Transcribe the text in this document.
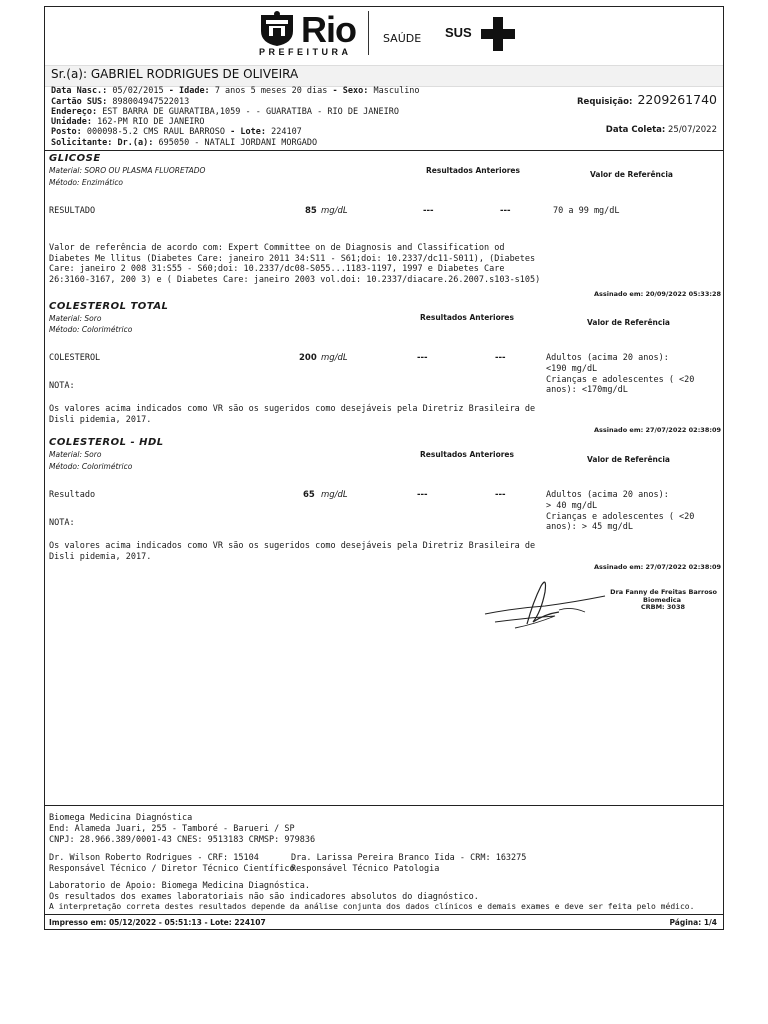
Rio
PREFEITURA
SAÚDE SUS
Sr.(a): GABRIEL RODRIGUES DE OLIVEIRA
Data Nasc.: 05/02/2015 - Idade: 7 anos 5 meses 20 dias - Sexo: Masculino
Cartão SUS: 898004947522013
Endereço: EST BARRA DE GUARATIBA,1059 - - GUARATIBA - RIO DE JANEIRO
Unidade: 162-PM RIO DE JANEIRO
Posto: 000098-5.2 CMS RAUL BARROSO - Lote: 224107
Solicitante: Dr.(a): 695050 - NATALI JORDANI MORGADO
Requisição: 2209261740
Data Coleta: 25/07/2022
GLICOSE
Material: SORO OU PLASMA FLUORETADO
Método: Enzimático
Resultados Anteriores	Valor de Referência
RESULTADO	85 mg/dL	---	---	70 a 99 mg/dL
Valor de referência de acordo com: Expert Committee on de Diagnosis and Classification od Diabetes Me llitus (Diabetes Care: janeiro 2011 34:S11 - S61;doi: 10.2337/dc11-S011), (Diabetes Care: janeiro 2 008 31:S55 - S60;doi: 10.2337/dc08-S055...1183-1197, 1997 e Diabetes Care 26:3160-3167, 200 3) e ( Diabetes Care: janeiro 2003 vol.doi: 10.2337/diacare.26.2007.s103-s105)
Assinado em: 20/09/2022 05:33:28
COLESTEROL TOTAL
Material: Soro
Método: Colorimétrico
Resultados Anteriores
Valor de Referência
COLESTEROL	200 mg/dL	---	---	Adultos (acima 20 anos):
<190 mg/dL
Crianças e adolescentes ( <20
anos): <170mg/dL
NOTA:
Os valores acima indicados como VR são os sugeridos como desejáveis pela Diretriz Brasileira de Disli pidemia, 2017.
Assinado em: 27/07/2022 02:38:09
COLESTEROL - HDL
Material: Soro
Método: Colorimétrico
Resultados Anteriores
Valor de Referência
Resultado	65 mg/dL	---	---	Adultos (acima 20 anos):
> 40 mg/dL
Crianças e adolescentes ( <20
anos): > 45 mg/dL
NOTA:
Os valores acima indicados como VR são os sugeridos como desejáveis pela Diretriz Brasileira de Disli pidemia, 2017.
Assinado em: 27/07/2022 02:38:09
Dra Fanny de Freitas Barroso
Biomedica
CRBM: 3038
Biomega Medicina Diagnóstica
End: Alameda Juari, 255 - Tamboré - Barueri / SP
CNPJ: 28.966.389/0001-43 CNES: 9513183 CRMSP: 979836
Dr. Wilson Roberto Rodrigues - CRF: 15104
Responsável Técnico / Diretor Técnico Científico
Dra. Larissa Pereira Branco Iida - CRM: 163275
Responsável Técnico Patologia
Laboratorio de Apoio: Biomega Medicina Diagnóstica.
Os resultados dos exames laboratoriais não são indicadores absolutos do diagnóstico.
A interpretação correta destes resultados depende da análise conjunta dos dados clínicos e demais exames e deve ser feita pelo médico.
Impresso em: 05/12/2022 - 05:51:13 - Lote: 224107	Página: 1/4
